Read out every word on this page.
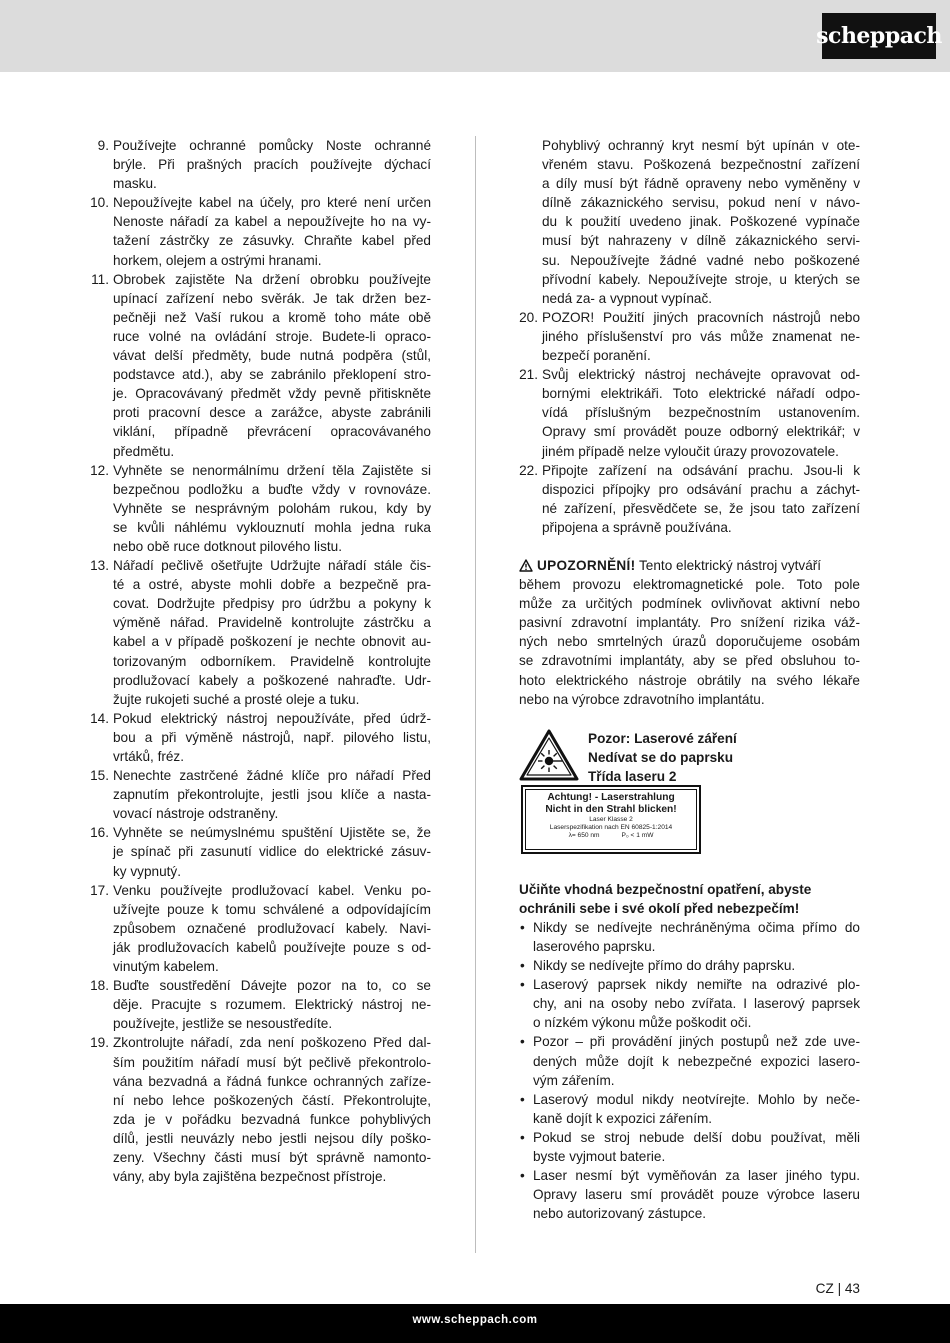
scheppach
9. Používejte ochranné pomůcky Noste ochranné
brýle. Při prašných pracích používejte dýchací
masku.
10. Nepoužívejte kabel na účely, pro které není určen
Nenoste nářadí za kabel a nepoužívejte ho na vy-
tažení zástrčky ze zásuvky. Chraňte kabel před
horkem, olejem a ostrými hranami.
11. Obrobek zajistěte Na držení obrobku používejte
upínací zařízení nebo svěrák. Je tak držen bez-
pečněji než Vaší rukou a kromě toho máte obě
ruce volné na ovládání stroje. Budete-li opraco-
vávat delší předměty, bude nutná podpěra (stůl,
podstavce atd.), aby se zabránilo překlopení stro-
je. Opracovávaný předmět vždy pevně přitiskněte
proti pracovní desce a zarážce, abyste zabránili
viklání, případně převrácení opracovávaného
předmětu.
12. Vyhněte se nenormálnímu držení těla Zajistěte si
bezpečnou podložku a buďte vždy v rovnováze.
Vyhněte se nesprávným polohám rukou, kdy by
se kvůli náhlému vyklouznutí mohla jedna ruka
nebo obě ruce dotknout pilového listu.
13. Nářadí pečlivě ošetřujte Udržujte nářadí stále čis-
té a ostré, abyste mohli dobře a bezpečně pra-
covat. Dodržujte předpisy pro údržbu a pokyny k
výměně nářad. Pravidelně kontrolujte zástrčku a
kabel a v případě poškození je nechte obnovit au-
torizovaným odborníkem. Pravidelně kontrolujte
prodlužovací kabely a poškozené nahraďte. Udr-
žujte rukojeti suché a prosté oleje a tuku.
14. Pokud elektrický nástroj nepoužíváte, před údrž-
bou a při výměně nástrojů, např. pilového listu,
vrtáků, fréz.
15. Nenechte zastrčené žádné klíče pro nářadí Před
zapnutím překontrolujte, jestli jsou klíče a nasta-
vovací nástroje odstraněny.
16. Vyhněte se neúmyslnému spuštění Ujistěte se, že
je spínač při zasunutí vidlice do elektrické zásuv-
ky vypnutý.
17. Venku používejte prodlužovací kabel. Venku po-
užívejte pouze k tomu schválené a odpovídajícím
způsobem označené prodlužovací kabely. Navi-
ják prodlužovacích kabelů používejte pouze s od-
vinutým kabelem.
18. Buďte soustředění Dávejte pozor na to, co se
děje. Pracujte s rozumem. Elektrický nástroj ne-
používejte, jestliže se nesoustředíte.
19. Zkontrolujte nářadí, zda není poškozeno Před dal-
ším použitím nářadí musí být pečlivě překontrolo-
vána bezvadná a řádná funkce ochranných zaříze-
ní nebo lehce poškozených částí. Překontrolujte,
zda je v pořádku bezvadná funkce pohyblivých
dílů, jestli neuvázly nebo jestli nejsou díly poško-
zeny. Všechny části musí být správně namonto-
vány, aby byla zajištěna bezpečnost přístroje.
Pohyblivý ochranný kryt nesmí být upínán v ote-
vřeném stavu. Poškozená bezpečnostní zařízení
a díly musí být řádně opraveny nebo vyměněny v
dílně zákaznického servisu, pokud není v návo-
du k použití uvedeno jinak. Poškozené vypínače
musí být nahrazeny v dílně zákaznického servi-
su. Nepoužívejte žádné vadné nebo poškozené
přívodní kabely. Nepoužívejte stroje, u kterých se
nedá za- a vypnout vypínač.
20. POZOR! Použití jiných pracovních nástrojů nebo
jiného příslušenství pro vás může znamenat ne-
bezpečí poranění.
21. Svůj elektrický nástroj nechávejte opravovat od-
bornými elektrikáři. Toto elektrické nářadí odpo-
vídá příslušným bezpečnostním ustanovením.
Opravy smí provádět pouze odborný elektrikář; v
jiném případě nelze vyloučit úrazy provozovatele.
22. Připojte zařízení na odsávání prachu. Jsou-li k
dispozici přípojky pro odsávání prachu a záchyt-
né zařízení, přesvědčete se, že jsou tato zařízení
připojena a správně používána.
UPOZORNĚNÍ! Tento elektrický nástroj vytváří
během provozu elektromagnetické pole. Toto pole
může za určitých podmínek ovlivňovat aktivní nebo
pasivní zdravotní implantáty. Pro snížení rizika váž-
ných nebo smrtelných úrazů doporučujeme osobám
se zdravotními implantáty, aby se před obsluhou to-
hoto elektrického nástroje obrátily na svého lékaře
nebo na výrobce zdravotního implantátu.
Pozor: Laserové záření
Nedívat se do paprsku
Třída laseru 2
Achtung! - Laserstrahlung
Nicht in den Strahl blicken!
Laser Klasse 2
Laserspezifikation nach EN 60825-1:2014
λ= 650 nm	P₀ < 1 mW
Učiňte vhodná bezpečnostní opatření, abyste
ochránili sebe i své okolí před nebezpečím!
• Nikdy se nedívejte nechráněnýma očima přímo do
laserového paprsku.
• Nikdy se nedívejte přímo do dráhy paprsku.
• Laserový paprsek nikdy nemiřte na odrazivé plo-
chy, ani na osoby nebo zvířata. I laserový paprsek
o nízkém výkonu může poškodit oči.
• Pozor – při provádění jiných postupů než zde uve-
dených může dojít k nebezpečné expozici lasero-
vým zářením.
• Laserový modul nikdy neotvírejte. Mohlo by neče-
kaně dojít k expozici zářením.
• Pokud se stroj nebude delší dobu používat, měli
byste vyjmout baterie.
• Laser nesmí být vyměňován za laser jiného typu.
Opravy laseru smí provádět pouze výrobce laseru
nebo autorizovaný zástupce.
CZ | 43
www.scheppach.com
